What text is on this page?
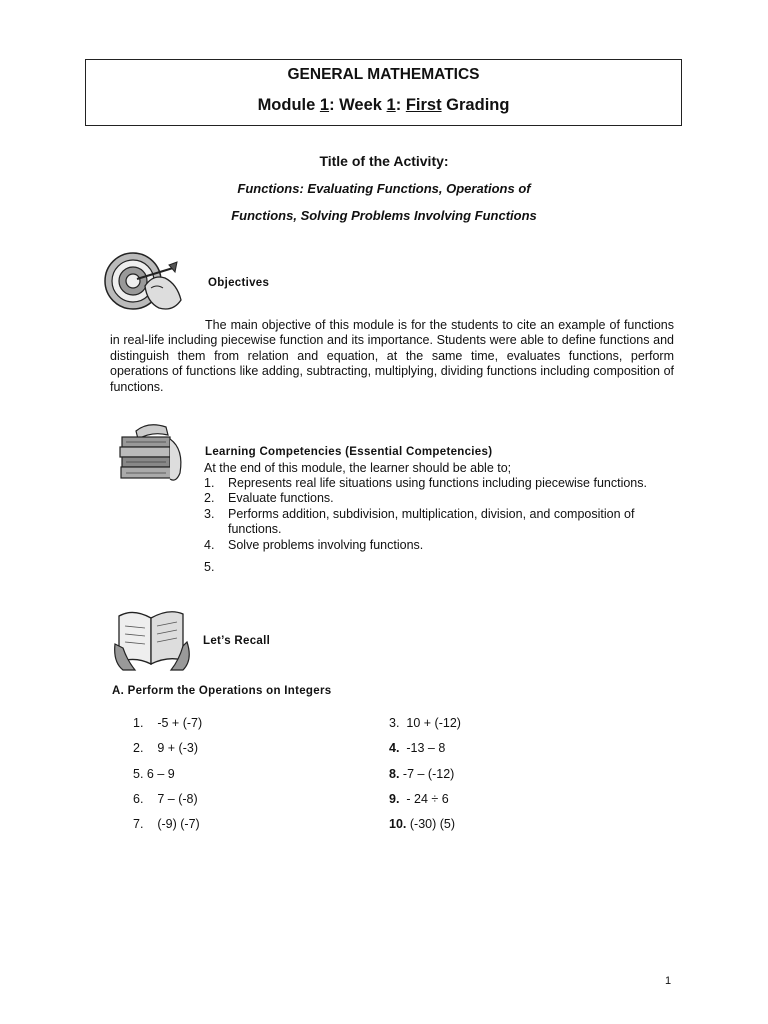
GENERAL MATHEMATICS
Module 1: Week 1: First Grading
Title of the Activity:
Functions: Evaluating Functions, Operations of
Functions, Solving Problems Involving Functions
Objectives
The main objective of this module is for the students to cite an example of functions in real-life including piecewise function and its importance. Students were able to define functions and distinguish them from relation and equation, at the same time, evaluates functions, perform operations of functions like adding, subtracting, multiplying, dividing functions including composition of functions.
Learning Competencies (Essential Competencies)
At the end of this module, the learner should be able to;
1. Represents real life situations using functions including piecewise functions.
2. Evaluate functions.
3. Performs addition, subdivision, multiplication, division, and composition of functions.
4. Solve problems involving functions.
5.
Let’s Recall
A. Perform the Operations on Integers
1. -5 + (-7)
2. 9 + (-3)
5. 6 – 9
6. 7 – (-8)
7. (-9) (-7)
3. 10 + (-12)
4. -13 – 8
8. -7 – (-12)
9. - 24 ÷ 6
10. (-30) (5)
1
